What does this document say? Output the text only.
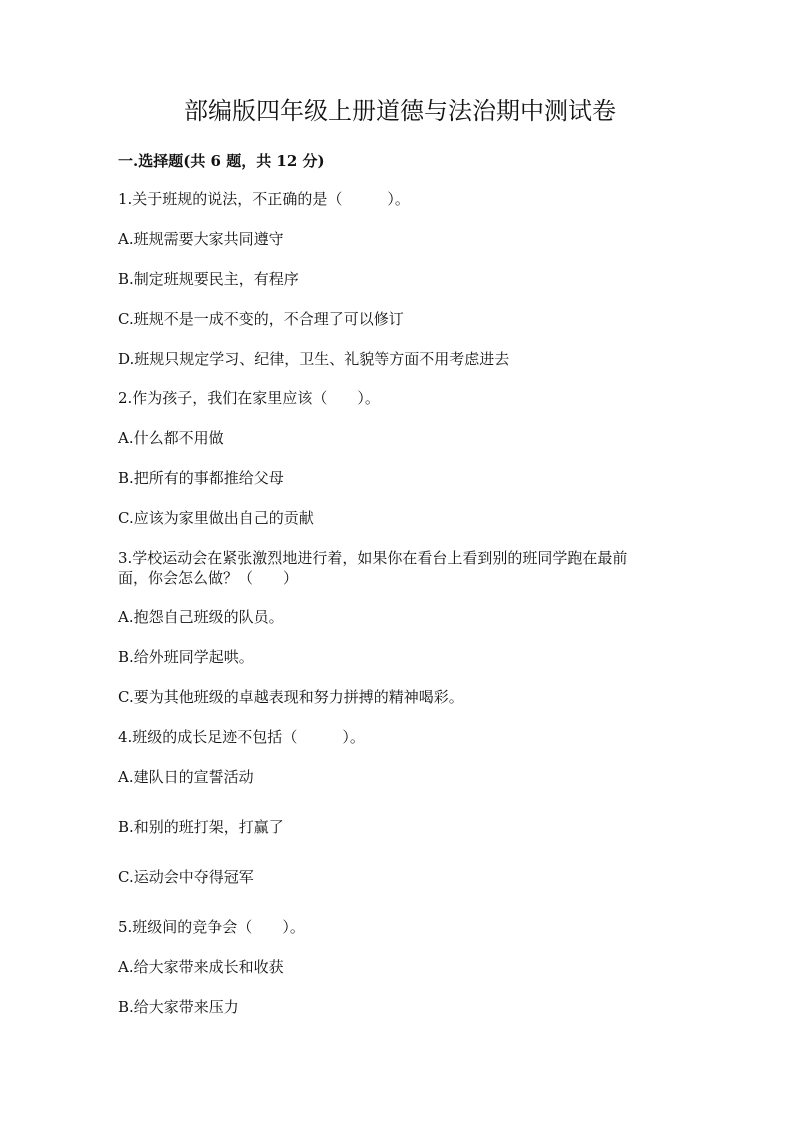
部编版四年级上册道德与法治期中测试卷
一.选择题(共 6 题，共 12 分)
1.关于班规的说法，不正确的是（　　　）。
A.班规需要大家共同遵守
B.制定班规要民主，有程序
C.班规不是一成不变的，不合理了可以修订
D.班规只规定学习、纪律，卫生、礼貌等方面不用考虑进去
2.作为孩子，我们在家里应该（　　）。
A.什么都不用做
B.把所有的事都推给父母
C.应该为家里做出自己的贡献
3.学校运动会在紧张激烈地进行着，如果你在看台上看到别的班同学跑在最前
面，你会怎么做？（　　）
A.抱怨自己班级的队员。
B.给外班同学起哄。
C.要为其他班级的卓越表现和努力拼搏的精神喝彩。
4.班级的成长足迹不包括（　　　）。
A.建队日的宣誓活动
B.和别的班打架，打赢了
C.运动会中夺得冠军
5.班级间的竞争会（　　）。
A.给大家带来成长和收获
B.给大家带来压力
